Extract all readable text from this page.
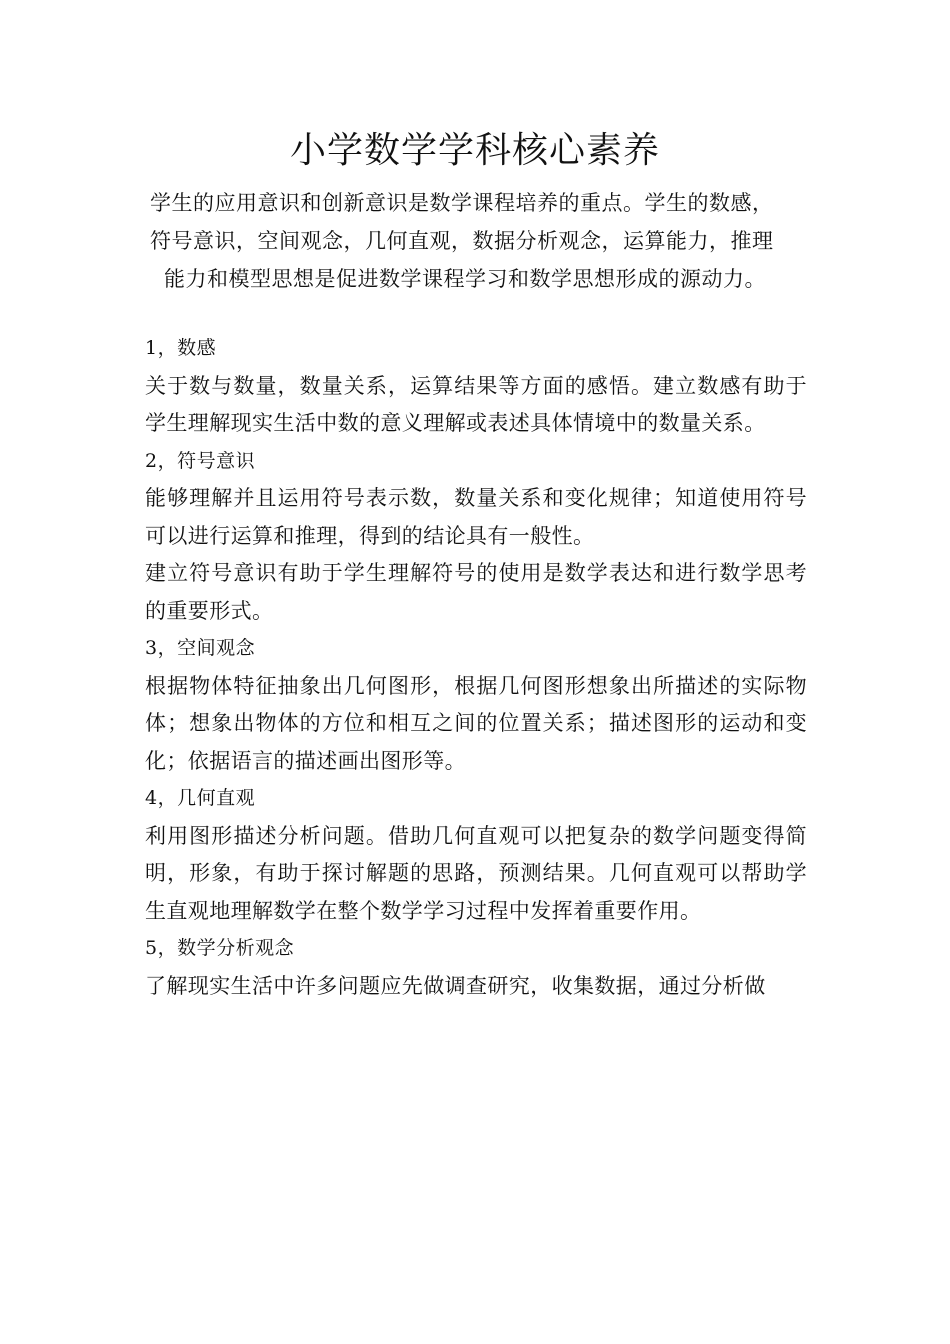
小学数学学科核心素养
学生的应用意识和创新意识是数学课程培养的重点。学生的数感，
符号意识，空间观念，几何直观，数据分析观念，运算能力，推理
能力和模型思想是促进数学课程学习和数学思想形成的源动力。

1，数感

关于数与数量，数量关系，运算结果等方面的感悟。建立数感有助于学生理解现实生活中数的意义理解或表述具体情境中的数量关系。

2，符号意识

能够理解并且运用符号表示数，数量关系和变化规律；知道使用符号可以进行运算和推理，得到的结论具有一般性。

建立符号意识有助于学生理解符号的使用是数学表达和进行数学思考的重要形式。

3，空间观念

根据物体特征抽象出几何图形，根据几何图形想象出所描述的实际物体；想象出物体的方位和相互之间的位置关系；描述图形的运动和变化；依据语言的描述画出图形等。

4，几何直观

利用图形描述分析问题。借助几何直观可以把复杂的数学问题变得简明，形象，有助于探讨解题的思路，预测结果。几何直观可以帮助学生直观地理解数学在整个数学学习过程中发挥着重要作用。

5，数学分析观念

了解现实生活中许多问题应先做调查研究，收集数据，通过分析做
